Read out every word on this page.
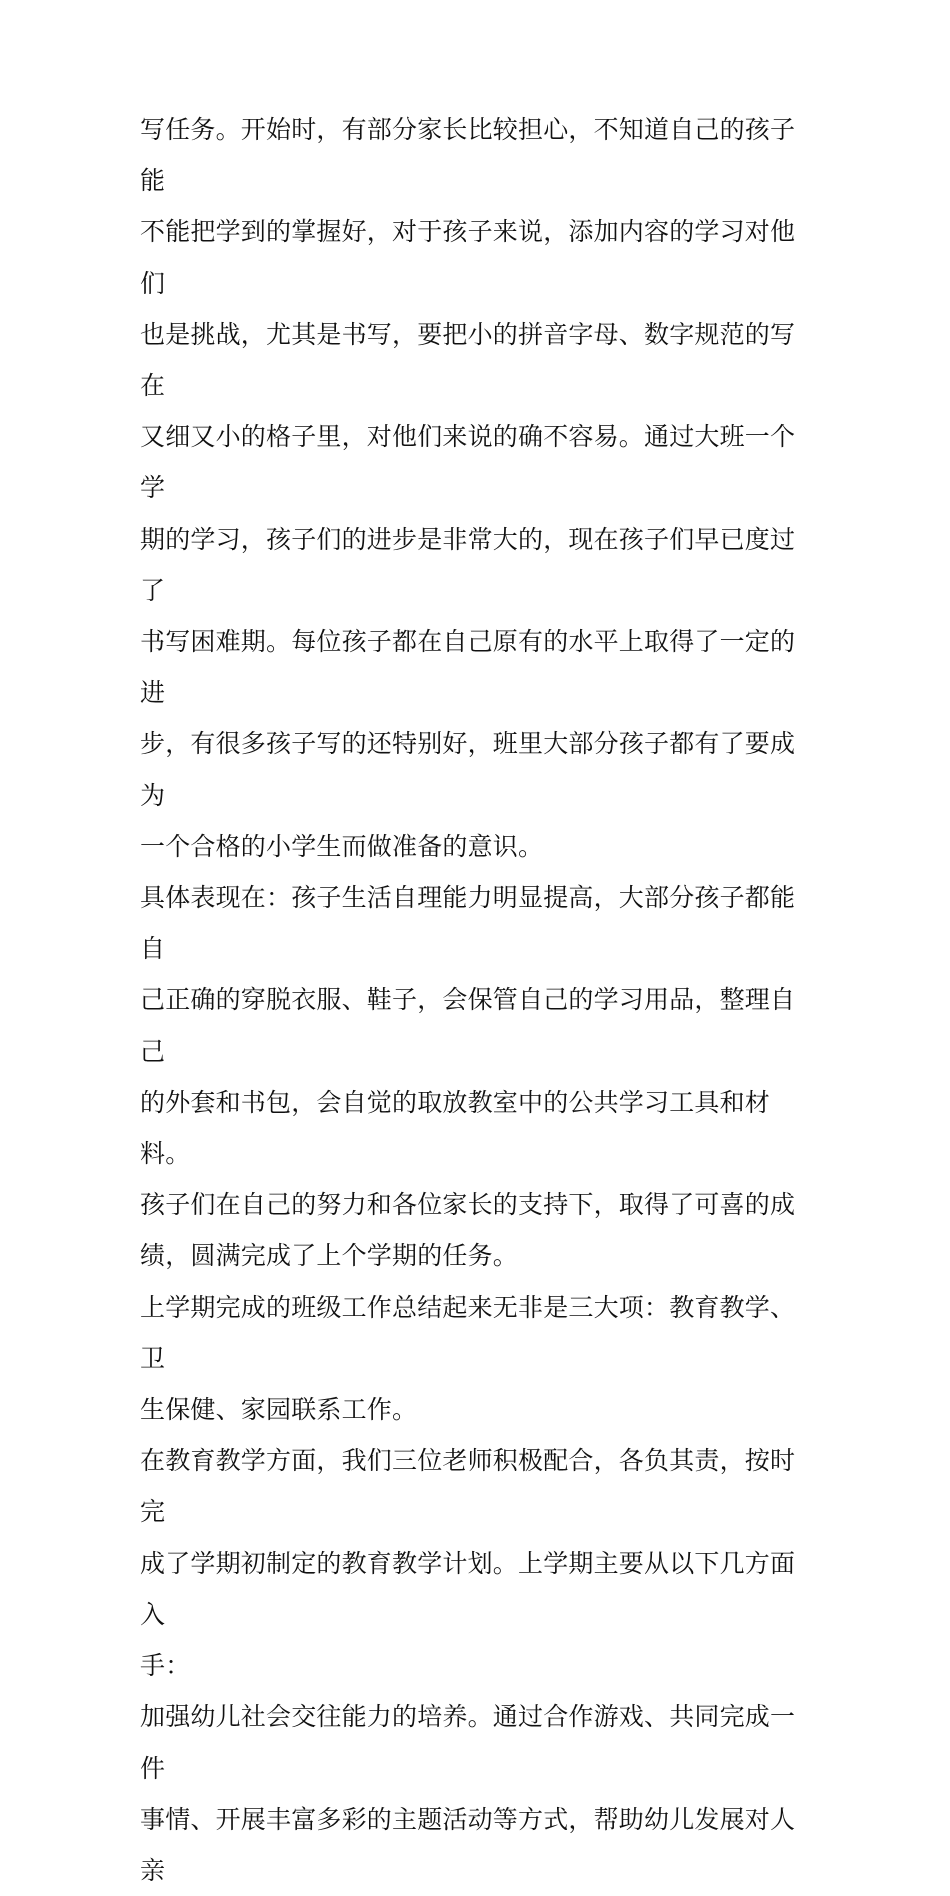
写任务。开始时，有部分家长比较担心，不知道自己的孩子能
不能把学到的掌握好，对于孩子来说，添加内容的学习对他们
也是挑战，尤其是书写，要把小的拼音字母、数字规范的写在
又细又小的格子里，对他们来说的确不容易。通过大班一个学
期的学习，孩子们的进步是非常大的，现在孩子们早已度过了
书写困难期。每位孩子都在自己原有的水平上取得了一定的进
步，有很多孩子写的还特别好，班里大部分孩子都有了要成为
一个合格的小学生而做准备的意识。

具体表现在：孩子生活自理能力明显提高，大部分孩子都能自
己正确的穿脱衣服、鞋子，会保管自己的学习用品，整理自己
的外套和书包，会自觉的取放教室中的公共学习工具和材料。

孩子们在自己的努力和各位家长的支持下，取得了可喜的成
绩，圆满完成了上个学期的任务。

上学期完成的班级工作总结起来无非是三大项：教育教学、卫
生保健、家园联系工作。

在教育教学方面，我们三位老师积极配合，各负其责，按时完
成了学期初制定的教育教学计划。上学期主要从以下几方面入
手：

加强幼儿社会交往能力的培养。通过合作游戏、共同完成一件
事情、开展丰富多彩的主题活动等方式，帮助幼儿发展对人亲
